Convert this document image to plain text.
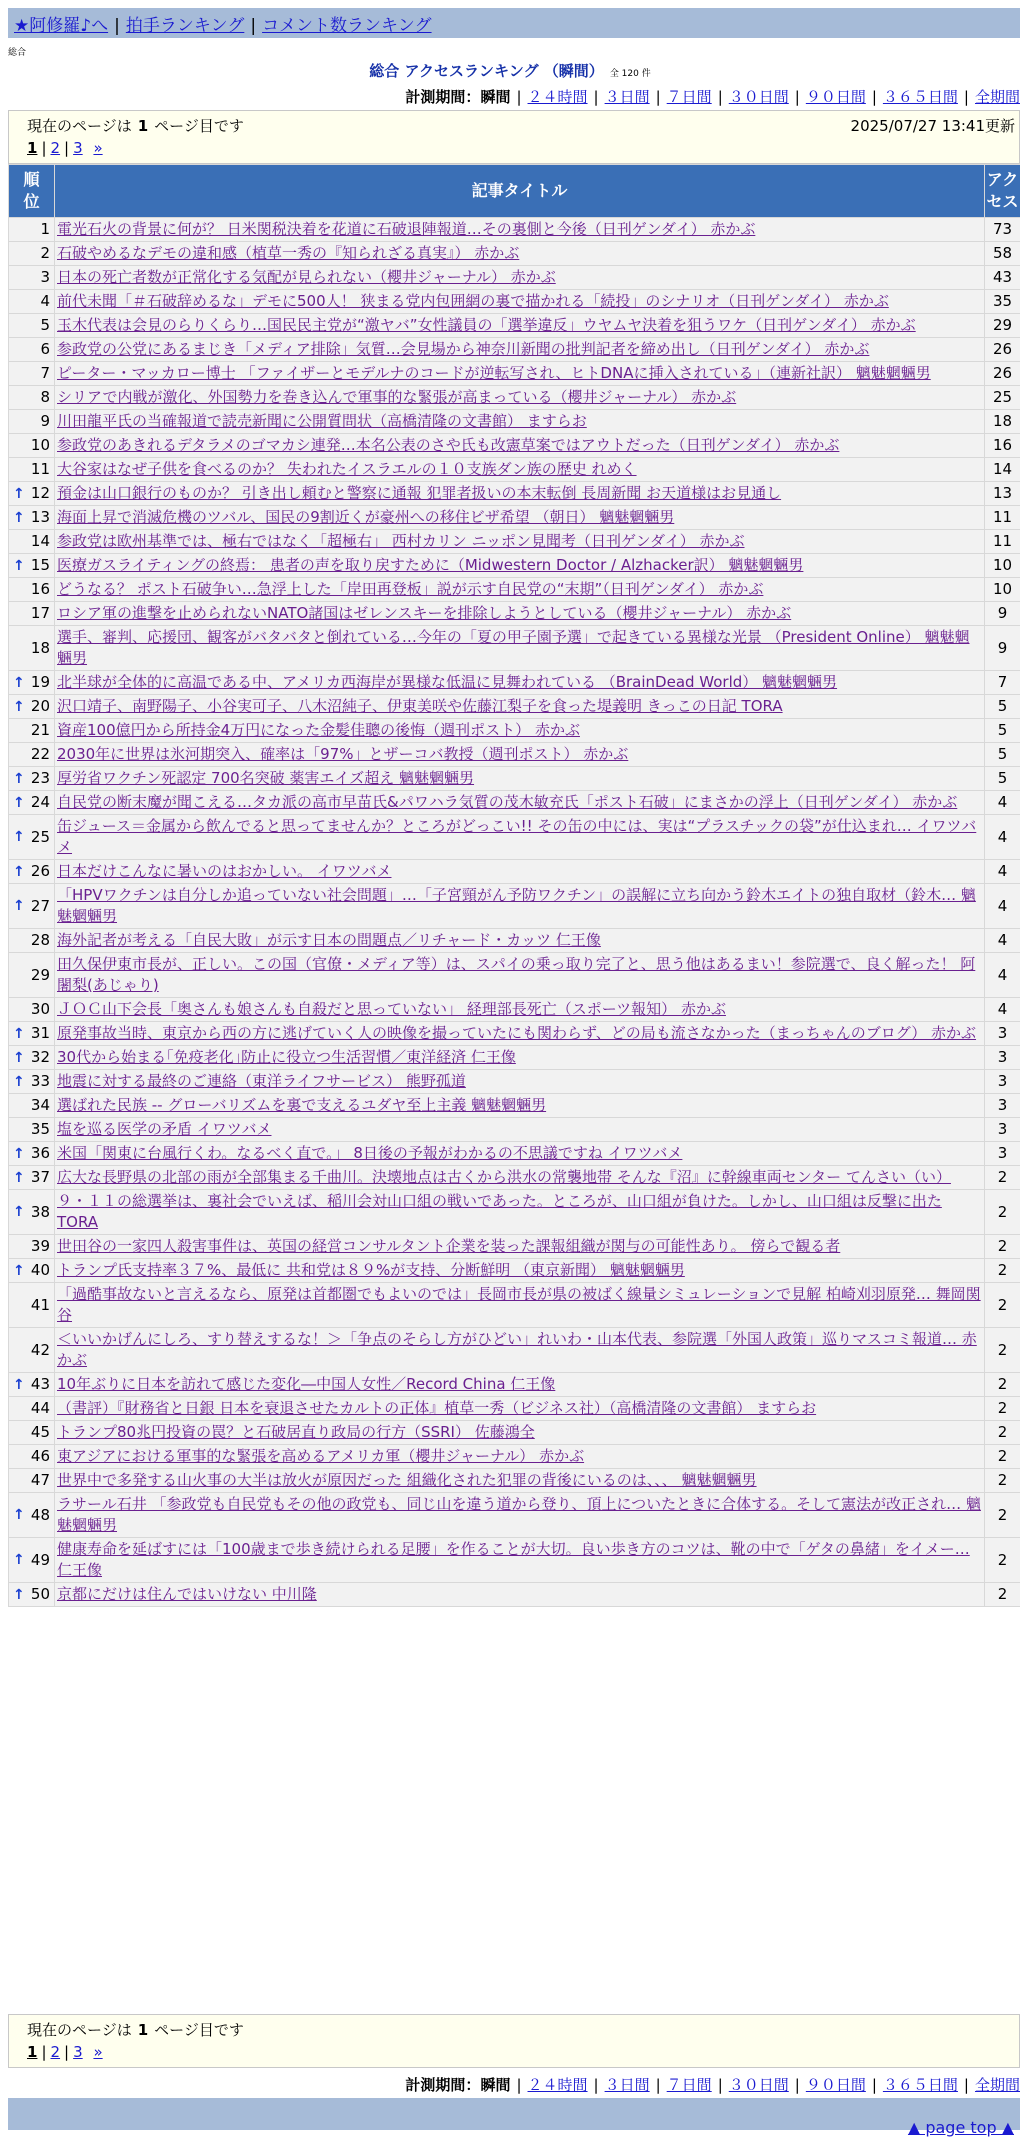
★阿修羅♪へ | 拍手ランキング | コメント数ランキング
総合
総合 アクセスランキング （瞬間） 全 120 件
計測期間：瞬間 | ２４時間 | ３日間 | ７日間 | ３０日間 | ９０日間 | ３６５日間 | 全期間
現在のページは 1 ページ目です
1 | 2 | 3 »
2025/07/27 13:41更新
順位	記事タイトル	アクセス
1	電光石火の背景に何が？ 日米関税決着を花道に石破退陣報道…その裏側と今後（日刊ゲンダイ） 赤かぶ	73
2	石破やめるなデモの違和感（植草一秀の『知られざる真実』） 赤かぶ	58
3	日本の死亡者数が正常化する気配が見られない（櫻井ジャーナル） 赤かぶ	43
4	前代未聞「＃石破辞めるな」デモに500人！ 狭まる党内包囲網の裏で描かれる「続投」のシナリオ（日刊ゲンダイ） 赤かぶ	35
5	玉木代表は会見のらりくらり…国民民主党が“激ヤバ”女性議員の「選挙違反」ウヤムヤ決着を狙うワケ（日刊ゲンダイ） 赤かぶ	29
6	参政党の公党にあるまじき「メディア排除」気質…会見場から神奈川新聞の批判記者を締め出し（日刊ゲンダイ） 赤かぶ	26
7	ピーター・マッカロー博士 「ファイザーとモデルナのコードが逆転写され、ヒトDNAに挿入されている」（連新社訳） 魑魅魍魎男	26
8	シリアで内戦が激化、外国勢力を巻き込んで軍事的な緊張が高まっている（櫻井ジャーナル） 赤かぶ	25
9	川田龍平氏の当確報道で読売新聞に公開質問状（高橋清隆の文書館） ますらお	18
10	参政党のあきれるデタラメのゴマカシ連発…本名公表のさや氏も改憲草案ではアウトだった（日刊ゲンダイ） 赤かぶ	16
11	大谷家はなぜ子供を食べるのか？ 失われたイスラエルの１０支族ダン族の歴史 れめく	14

↑ 12	預金は山口銀行のものか？ 引き出し頼むと警察に通報 犯罪者扱いの本末転倒 長周新聞 お天道様はお見通し	13

↑ 13	海面上昇で消滅危機のツバル、国民の9割近くが豪州への移住ビザ希望 （朝日） 魑魅魍魎男	11
14	参政党は欧州基準では、極右ではなく「超極右」 西村カリン ニッポン見聞考（日刊ゲンダイ） 赤かぶ	11

↑ 15	医療ガスライティングの終焉： 患者の声を取り戻すために（Midwestern Doctor / Alzhacker訳） 魑魅魍魎男	10
16	どうなる？ ポスト石破争い…急浮上した「岸田再登板」説が示す自民党の“末期”（日刊ゲンダイ） 赤かぶ	10
17	ロシア軍の進撃を止められないNATO諸国はゼレンスキーを排除しようとしている（櫻井ジャーナル） 赤かぶ	9
18	選手、審判、応援団、観客がバタバタと倒れている…今年の「夏の甲子園予選」で起きている異様な光景 （President Online） 魑魅魍魎男	9

↑ 19	北半球が全体的に高温である中、アメリカ西海岸が異様な低温に見舞われている （BrainDead World） 魑魅魍魎男	7

↑ 20	沢口靖子、南野陽子、小谷実可子、八木沼純子、伊東美咲や佐藤江梨子を食った堤義明 きっこの日記 TORA	5
21	資産100億円から所持金4万円になった金髪佳聰の後悔（週刊ポスト） 赤かぶ	5
22	2030年に世界は氷河期突入、確率は「97%」とザーコバ教授（週刊ポスト） 赤かぶ	5

↑ 23	厚労省ワクチン死認定 700名突破 薬害エイズ超え 魑魅魍魎男	5

↑ 24	自民党の断末魔が聞こえる…タカ派の高市早苗氏&パワハラ気質の茂木敏充氏「ポスト石破」にまさかの浮上（日刊ゲンダイ） 赤かぶ	4

↑ 25	缶ジュース＝金属から飲んでると思ってませんか？ところがどっこい!! その缶の中には、実は“プラスチックの袋”が仕込まれ… イワツバメ	4

↑ 26	日本だけこんなに暑いのはおかしい。 イワツバメ	4

↑ 27	「HPVワクチンは自分しか追っていない社会問題」…「子宮頸がん予防ワクチン」の誤解に立ち向かう鈴木エイトの独自取材（鈴木… 魑魅魍魎男	4
28	海外記者が考える「自民大敗」が示す日本の問題点／リチャード・カッツ 仁王像	4
29	田久保伊東市長が、正しい。この国（官僚・メディア等）は、スパイの乗っ取り完了と、思う他はあるまい！参院選で、良く解った！ 阿闍梨(あじゃり)	4
30	ＪＯＣ山下会長「奥さんも娘さんも自殺だと思っていない」 経理部長死亡（スポーツ報知） 赤かぶ	4

↑ 31	原発事故当時、東京から西の方に逃げていく人の映像を撮っていたにも関わらず、どの局も流さなかった（まっちゃんのブログ） 赤かぶ	3

↑ 32	30代から始まる｢免疫老化｣防止に役立つ生活習慣／東洋経済 仁王像	3

↑ 33	地震に対する最終のご連絡（東洋ライフサービス） 熊野孤道	3
34	選ばれた民族 -- グローバリズムを裏で支えるユダヤ至上主義 魑魅魍魎男	3
35	塩を巡る医学の矛盾 イワツバメ	3

↑ 36	米国「関東に台風行くわ。なるべく直で。」 8日後の予報がわかるの不思議ですね イワツバメ	3

↑ 37	広大な長野県の北部の雨が全部集まる千曲川。決壊地点は古くから洪水の常襲地帯 そんな『沼』に幹線車両センター てんさい（い）	2

↑ 38	９・１１の総選挙は、裏社会でいえば、稲川会対山口組の戦いであった。ところが、山口組が負けた。しかし、山口組は反撃に出た TORA	2
39	世田谷の一家四人殺害事件は、英国の経営コンサルタント企業を装った課報組織が関与の可能性あり。 傍らで観る者	2

↑ 40	トランプ氏支持率３７%、最低に 共和党は８９%が支持、分断鮮明 （東京新聞） 魑魅魍魎男	2
41	「過酷事故ないと言えるなら、原発は首都圏でもよいのでは」長岡市長が県の被ばく線量シミュレーションで見解 柏崎刈羽原発… 舞岡関谷	2
42	＜いいかげんにしろ、すり替えするな！＞「争点のそらし方がひどい」れいわ・山本代表、参院選「外国人政策」巡りマスコミ報道… 赤かぶ	2

↑ 43	10年ぶりに日本を訪れて感じた変化―中国人女性／Record China 仁王像	2
44	（書評）『財務省と日銀 日本を衰退させたカルトの正体』植草一秀（ビジネス社）（高橋清隆の文書館） ますらお	2
45	トランプ80兆円投資の罠？と石破居直り政局の行方（SSRI） 佐藤鴻全	2
46	東アジアにおける軍事的な緊張を高めるアメリカ軍（櫻井ジャーナル） 赤かぶ	2
47	世界中で多発する山火事の大半は放火が原因だった 組織化された犯罪の背後にいるのは、、、 魑魅魍魎男	2

↑ 48	ラサール石井 「参政党も自民党もその他の政党も、同じ山を違う道から登り、頂上についたときに合体する。そして憲法が改正され… 魑魅魍魎男	2

↑ 49	健康寿命を延ばすには「100歳まで歩き続けられる足腰」を作ることが大切。良い歩き方のコツは、靴の中で「ゲタの鼻緒」をイメー… 仁王像	2

↑ 50	京都にだけは住んではいけない 中川隆	2
現在のページは 1 ページ目です
1 | 2 | 3 »
計測期間：瞬間 | ２４時間 | ３日間 | ７日間 | ３０日間 | ９０日間 | ３６５日間 | 全期間
▲ page top ▲
